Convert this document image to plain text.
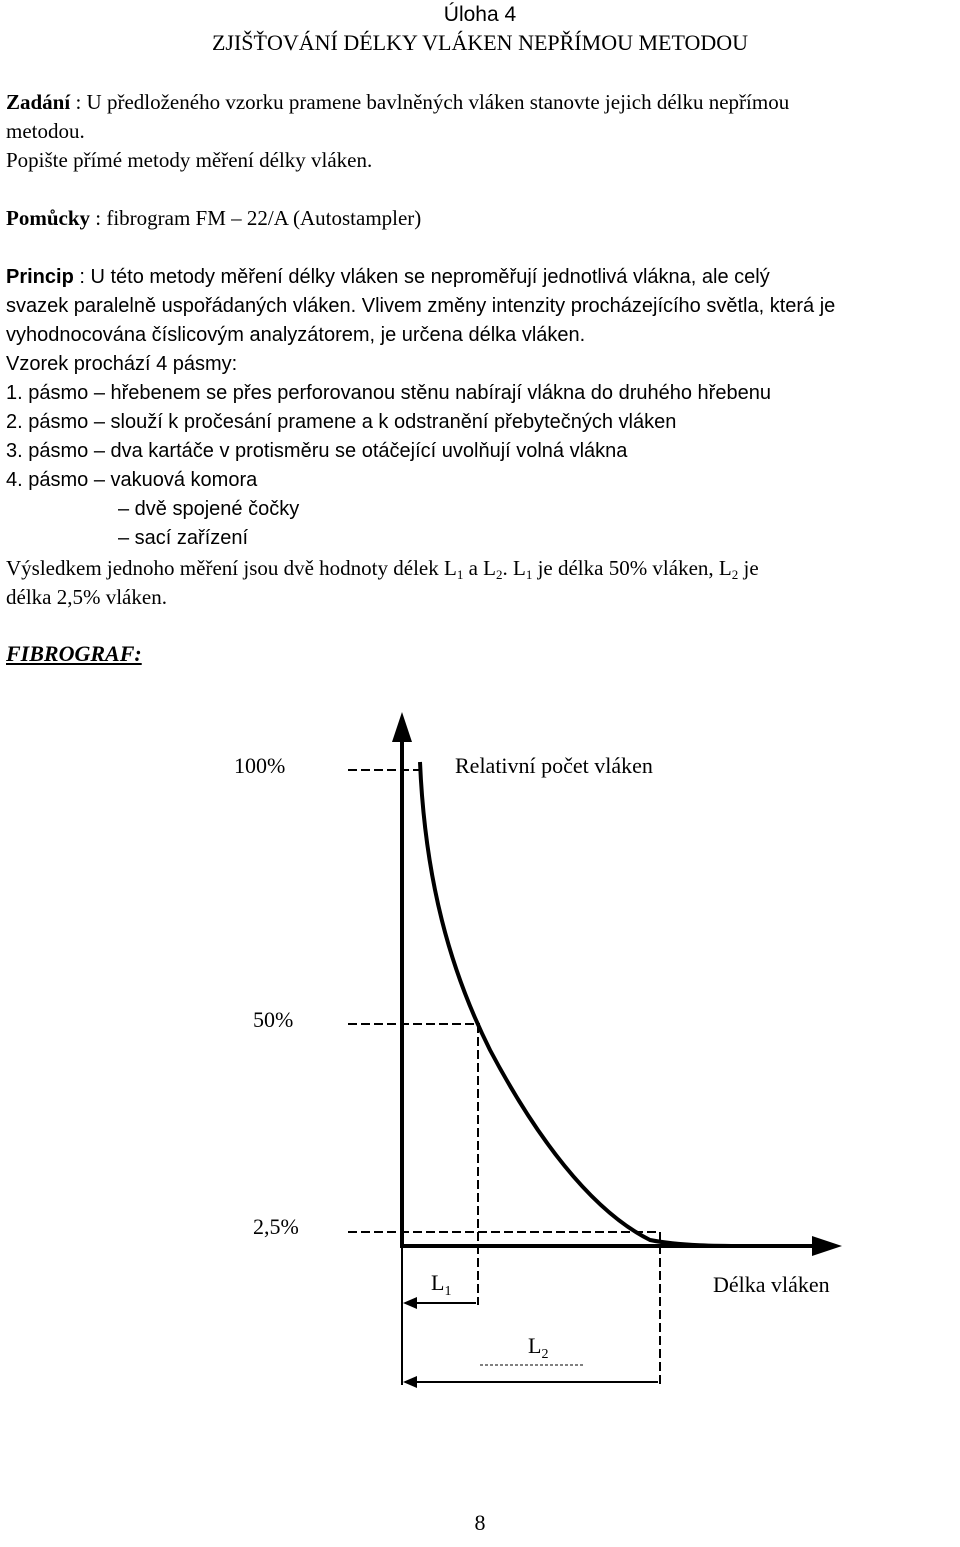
Úloha 4
ZJIŠŤOVÁNÍ DÉLKY VLÁKEN NEPŘÍMOU METODOU
Zadání : U předloženého vzorku pramene bavlněných vláken stanovte jejich délku nepřímou
metodou.
Popište přímé metody měření délky vláken.
Pomůcky : fibrogram FM – 22/A (Autostampler)
Princip : U této metody měření délky vláken se neproměřují jednotlivá vlákna, ale celý
svazek paralelně uspořádaných vláken. Vlivem změny intenzity procházejícího světla, která je
vyhodnocována číslicovým analyzátorem, je určena délka vláken.
Vzorek prochází 4 pásmy:
1. pásmo – hřebenem se přes perforovanou stěnu nabírají vlákna do druhého hřebenu
2. pásmo – slouží k pročesání pramene a k odstranění přebytečných vláken
3. pásmo – dva kartáče v protisměru se otáčející uvolňují volná vlákna
4. pásmo – vakuová komora
– dvě spojené čočky
– sací zařízení
Výsledkem jednoho měření jsou dvě hodnoty délek $L_1$ a $L_2$. $L_1$ je délka 50% vláken, $L_2$ je
délka 2,5% vláken.
FIBROGRAF:
100%
50%
2,5%
Relativní počet vláken
Délka vláken
$L_1$
$L_2$
8
